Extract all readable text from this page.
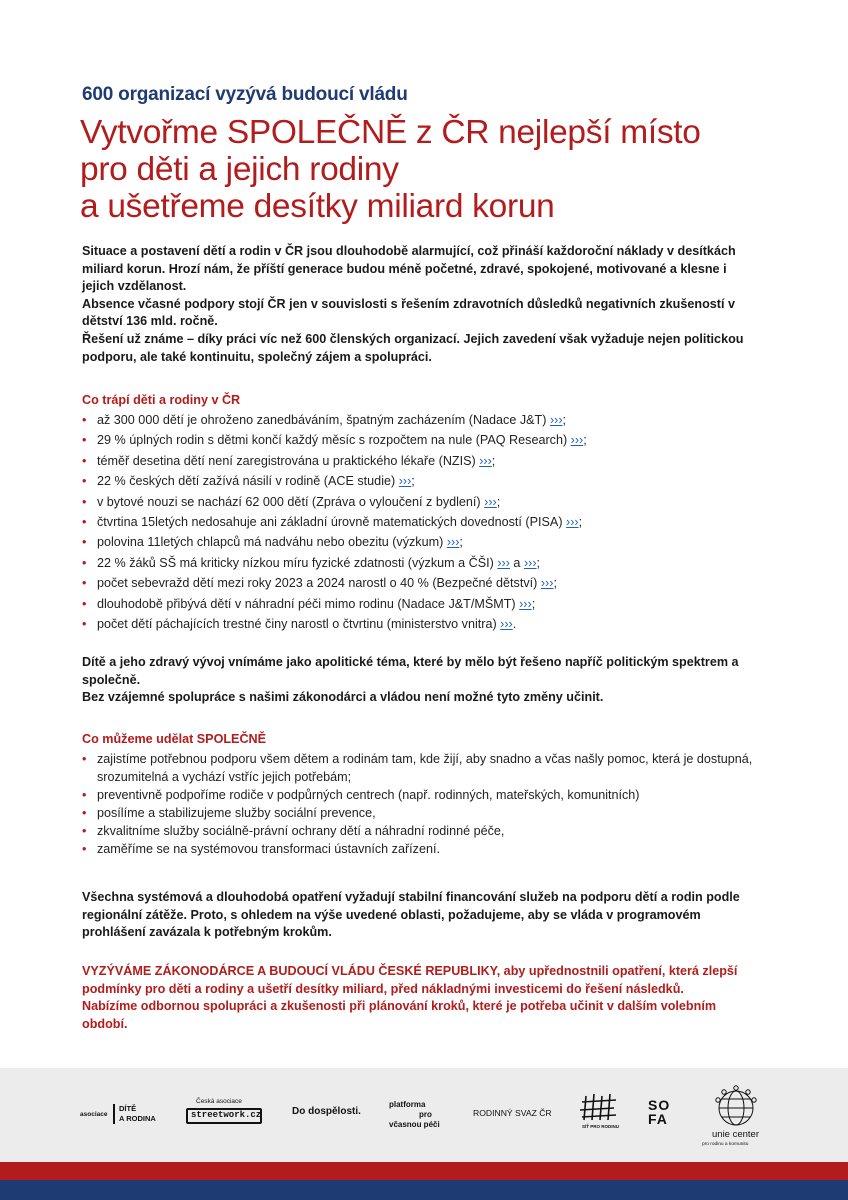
600 organizací vyzývá budoucí vládu
Vytvořme SPOLEČNĚ z ČR nejlepší místo
pro děti a jejich rodiny
a ušetřeme desítky miliard korun

Situace a postavení dětí a rodin v ČR jsou dlouhodobě alarmující, což přináší každoroční náklady v desítkách miliard korun. Hrozí nám, že příští generace budou méně početné, zdravé, spokojené, motivované a klesne i jejich vzdělanost.

Absence včasné podpory stojí ČR jen v souvislosti s řešením zdravotních důsledků negativních zkušeností v dětství 136 mld. ročně.

Řešení už známe – díky práci víc než 600 členských organizací. Jejich zavedení však vyžaduje nejen politickou podporu, ale také kontinuitu, společný zájem a spolupráci.

Co trápí děti a rodiny v ČR
• až 300 000 dětí je ohroženo zanedbáváním, špatným zacházením (Nadace J&T) ›››;
• 29 % úplných rodin s dětmi končí každý měsíc s rozpočtem na nule (PAQ Research) ›››;
• téměř desetina dětí není zaregistrována u praktického lékaře (NZIS) ›››;
• 22 % českých dětí zažívá násilí v rodině (ACE studie) ›››;
• v bytové nouzi se nachází 62 000 dětí (Zpráva o vyloučení z bydlení) ›››;
• čtvrtina 15letých nedosahuje ani základní úrovně matematických dovedností (PISA) ›››;
• polovina 11letých chlapců má nadváhu nebo obezitu (výzkum) ›››;
• 22 % žáků SŠ má kriticky nízkou míru fyzické zdatnosti (výzkum a ČŠI) ››› a ›››;
• počet sebevražd dětí mezi roky 2023 a 2024 narostl o 40 % (Bezpečné dětství) ›››;
• dlouhodobě přibývá dětí v náhradní péči mimo rodinu (Nadace J&T/MŠMT) ›››;
• počet dětí páchajících trestné činy narostl o čtvrtinu (ministerstvo vnitra) ›››.

Dítě a jeho zdravý vývoj vnímáme jako apolitické téma, které by mělo být řešeno napříč politickým spektrem a společně.

Bez vzájemné spolupráce s našimi zákonodárci a vládou není možné tyto změny učinit.

Co můžeme udělat SPOLEČNĚ
• zajistíme potřebnou podporu všem dětem a rodinám tam, kde žijí, aby snadno a včas našly pomoc, která je dostupná, srozumitelná a vychází vstříc jejich potřebám;
• preventivně podpoříme rodiče v podpůrných centrech (např. rodinných, mateřských, komunitních)
• posílíme a stabilizujeme služby sociální prevence,
• zkvalitníme služby sociálně-právní ochrany dětí a náhradní rodinné péče,
• zaměříme se na systémovou transformaci ústavních zařízení.

Všechna systémová a dlouhodobá opatření vyžadují stabilní financování služeb na podporu dětí a rodin podle regionální zátěže. Proto, s ohledem na výše uvedené oblasti, požadujeme, aby se vláda v programovém prohlášení zavázala k potřebným krokům.

VYZÝVÁME ZÁKONODÁRCE A BUDOUCÍ VLÁDU ČESKÉ REPUBLIKY, aby upřednostnili opatření, která zlepší podmínky pro děti a rodiny a ušetří desítky miliard, před nákladnými investicemi do řešení následků.

Nabízíme odbornou spolupráci a zkušenosti při plánování kroků, které je potřeba učinit v dalším volebním období.

asociace
DÍTĚ
A RODINA
Česká asociace
streetwork.cz	Do dospělosti.
platforma
pro
včasnou péči
RODINNÝ SVAZ ČR
SÍŤ PRO RODINU
SO
FA
unie center
pro rodinu a komunitu
